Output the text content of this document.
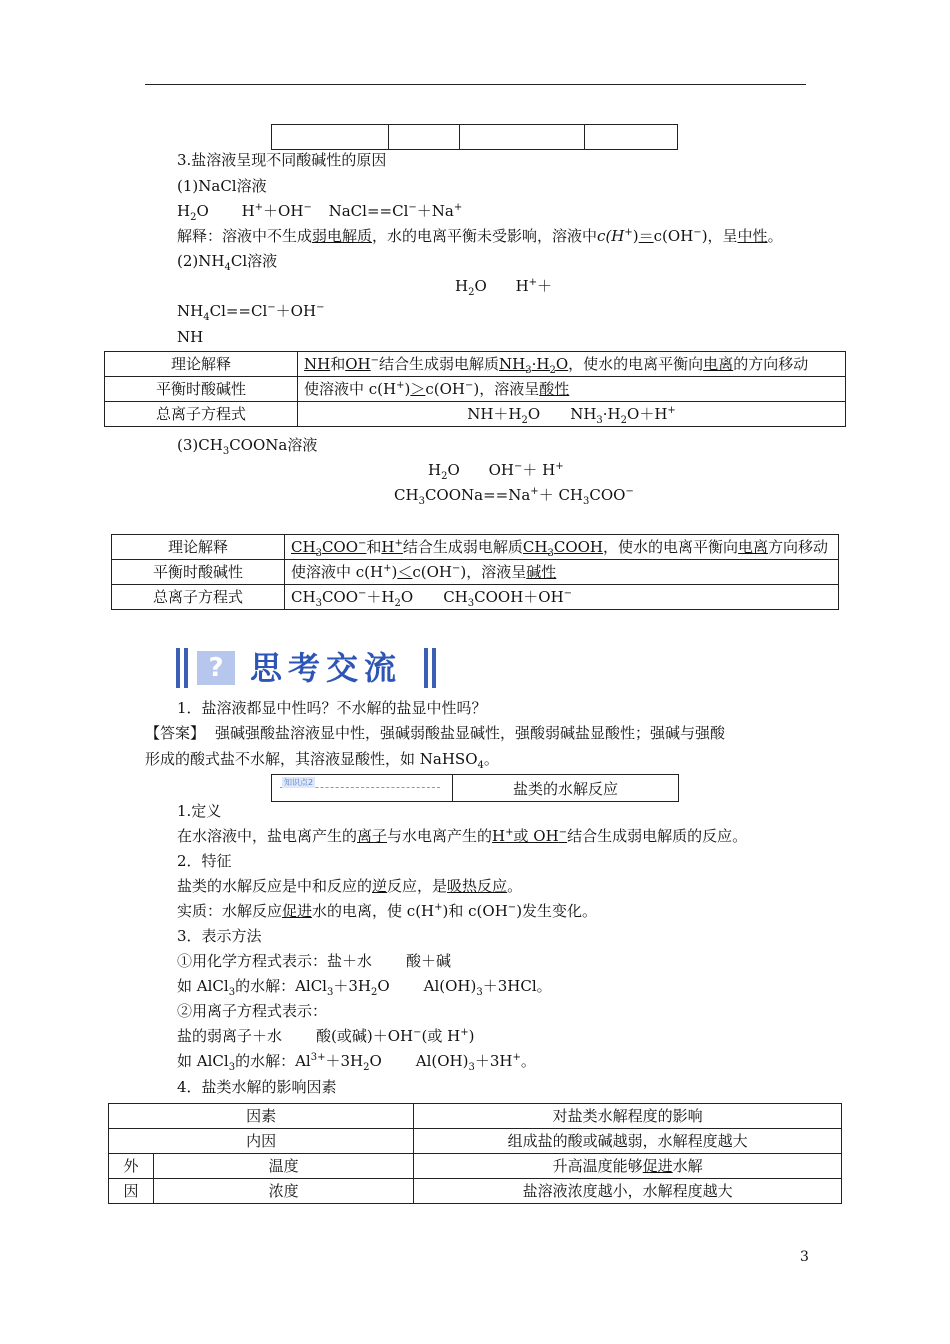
3.盐溶液呈现不同酸碱性的原因
(1)NaCl溶液
$H_2O$ H+＋OH− NaCl==Cl−＋Na+
解释：溶液中不生成弱电解质，水的电离平衡未受影响，溶液中c(H+)＝c(OH−)，呈中性。
$(2)NH_4Cl$溶液
$H_2O$ H+＋
$NH_4Cl==Cl^-+OH^-$
NH
理论解释	NH和OH−结合生成弱电解质$NH_3\cdot H_2O$，使水的电离平衡向电离的方向移动
平衡时酸碱性	使溶液中 c(H+)＞c(OH−)，溶液呈酸性
总离子方程式	$NH+H_2O$ $NH_3\cdot H_2O+H^+$
$(3)CH_3COONa$溶液
$H_2O$ OH−＋ H+
$CH_3COONa==Na^++ CH_3COO^-$
理论解释	$CH_3COO^-$和H+结合生成弱电解质$CH_3COOH$，使水的电离平衡向电离方向移动
平衡时酸碱性	使溶液中 c(H+)＜c(OH−)，溶液呈碱性
总离子方程式	$CH_3COO^-+H_2O$ $CH_3COOH+OH^-$
? 思考交流
1．盐溶液都显中性吗？不水解的盐显中性吗？
【答案】 强碱强酸盐溶液显中性，强碱弱酸盐显碱性，强酸弱碱盐显酸性；强碱与强酸
形成的酸式盐不水解，其溶液显酸性，如 NaHSO$_4$。
知识点2	盐类的水解反应
1.定义
在水溶液中，盐电离产生的离子与水电离产生的H+或 OH−结合生成弱电解质的反应。
2．特征
盐类的水解反应是中和反应的逆反应，是吸热反应。
实质：水解反应促进水的电离，使 c(H+)和 c(OH−)发生变化。
3．表示方法
①用化学方程式表示：盐＋水 酸＋碱
如 AlCl$_3$的水解：$AlCl_3+3H_2O$ $Al(OH)_3+3HCl$。
②用离子方程式表示：
盐的弱离子＋水 酸(或碱)＋OH−(或 H+)
如 AlCl$_3$的水解：$Al^{3+}+3H_2O$ $Al(OH)_3+3H^+$。
4．盐类水解的影响因素
因素		对盐类水解程度的影响
内因		组成盐的酸或碱越弱，水解程度越大
外	温度	升高温度能够促进水解
因	浓度	盐溶液浓度越小，水解程度越大
3
